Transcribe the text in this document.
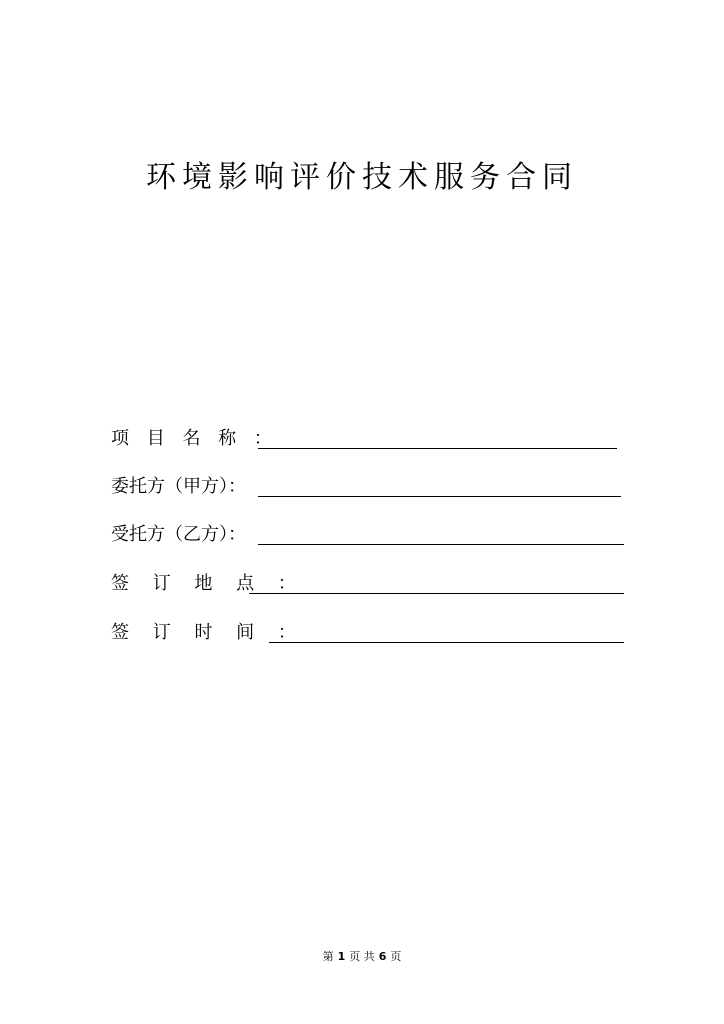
环境影响评价技术服务合同
项 目 名 称 ：
委托方（甲方）：
受托方（乙方）：
签 订 地 点 ：
签 订 时 间 ：
第 1 页 共 6 页
